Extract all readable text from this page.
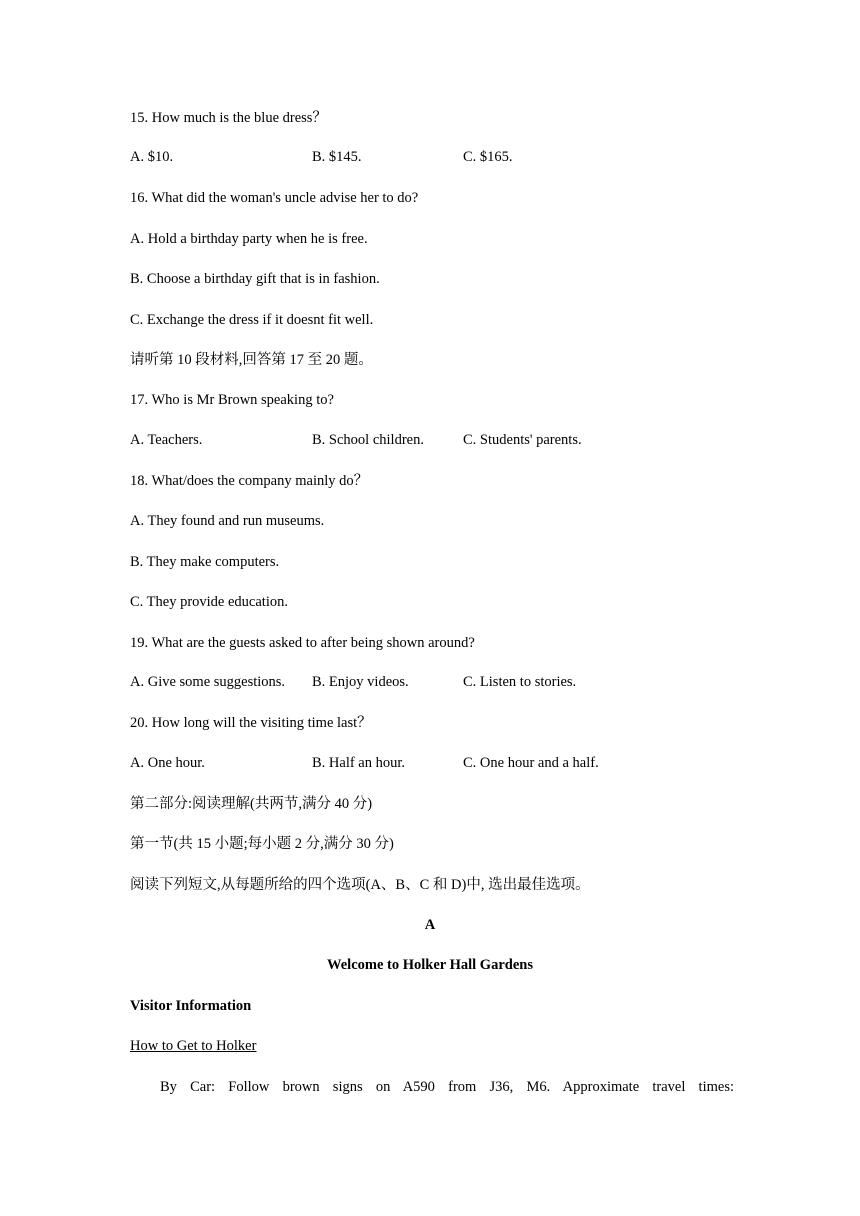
15. How much is the blue dress？
A. $10.	B. $145.	C. $165.
16. What did the woman's uncle advise her to do?
A. Hold a birthday party when he is free.
B. Choose a birthday gift that is in fashion.
C. Exchange the dress if it doesnt fit well.
请听第 10 段材料,回答第 17 至 20 题。
17. Who is Mr Brown speaking to?
A. Teachers.	B. School children.	C. Students' parents.
18. What/does the company mainly do？
A. They found and run museums.
B. They make computers.
C. They provide education.
19. What are the guests asked to after being shown around?
A. Give some suggestions. B. Enjoy videos.	C. Listen to stories.
20. How long will the visiting time last？
A. One hour.	B. Half an hour.	C. One hour and a half.
第二部分:阅读理解(共两节,满分 40 分)
第一节(共 15 小题;每小题 2 分,满分 30 分)
阅读下列短文,从每题所给的四个选项(A、B、C 和 D)中, 选出最佳选项。
A
Welcome to Holker Hall Gardens
Visitor Information
How to Get to Holker
By Car: Follow brown signs on A590 from J36, M6. Approximate travel times:
